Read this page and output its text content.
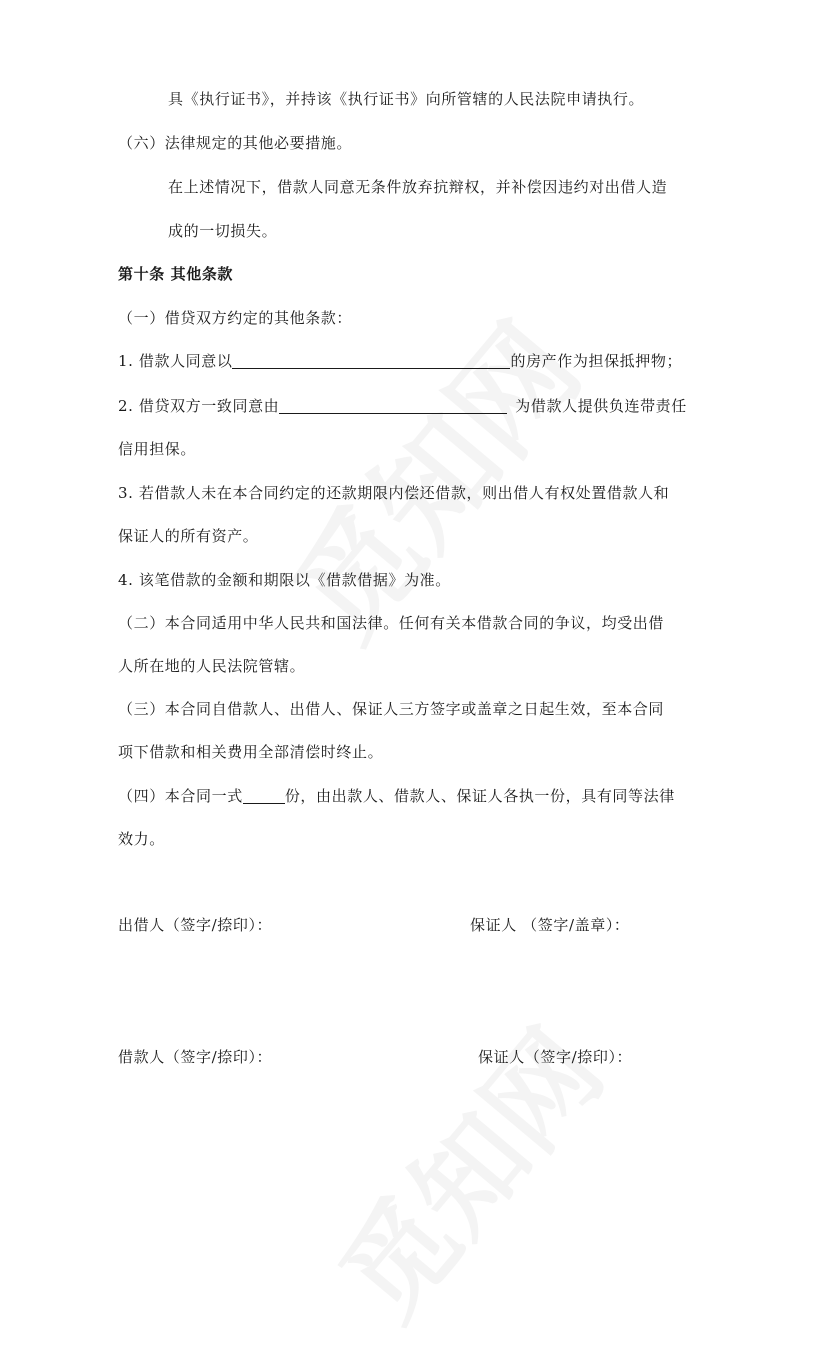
具《执行证书》，并持该《执行证书》向所管辖的人民法院申请执行。
（六）法律规定的其他必要措施。
在上述情况下，借款人同意无条件放弃抗辩权，并补偿因违约对出借人造
成的一切损失。
第十条 其他条款
（一）借贷双方约定的其他条款：
1. 借款人同意以	的房产作为担保抵押物；
2. 借贷双方一致同意由	为借款人提供负连带责任
信用担保。
3. 若借款人未在本合同约定的还款期限内偿还借款，则出借人有权处置借款人和
保证人的所有资产。
4. 该笔借款的金额和期限以《借款借据》为准。
（二）本合同适用中华人民共和国法律。任何有关本借款合同的争议，均受出借
人所在地的人民法院管辖。
（三）本合同自借款人、出借人、保证人三方签字或盖章之日起生效，至本合同
项下借款和相关费用全部清偿时终止。
（四）本合同一式	份，由出款人、借款人、保证人各执一份，具有同等法律
效力。
出借人（签字/捺印）：	保证人 （签字/盖章）：
借款人（签字/捺印）：	保证人（签字/捺印）：
